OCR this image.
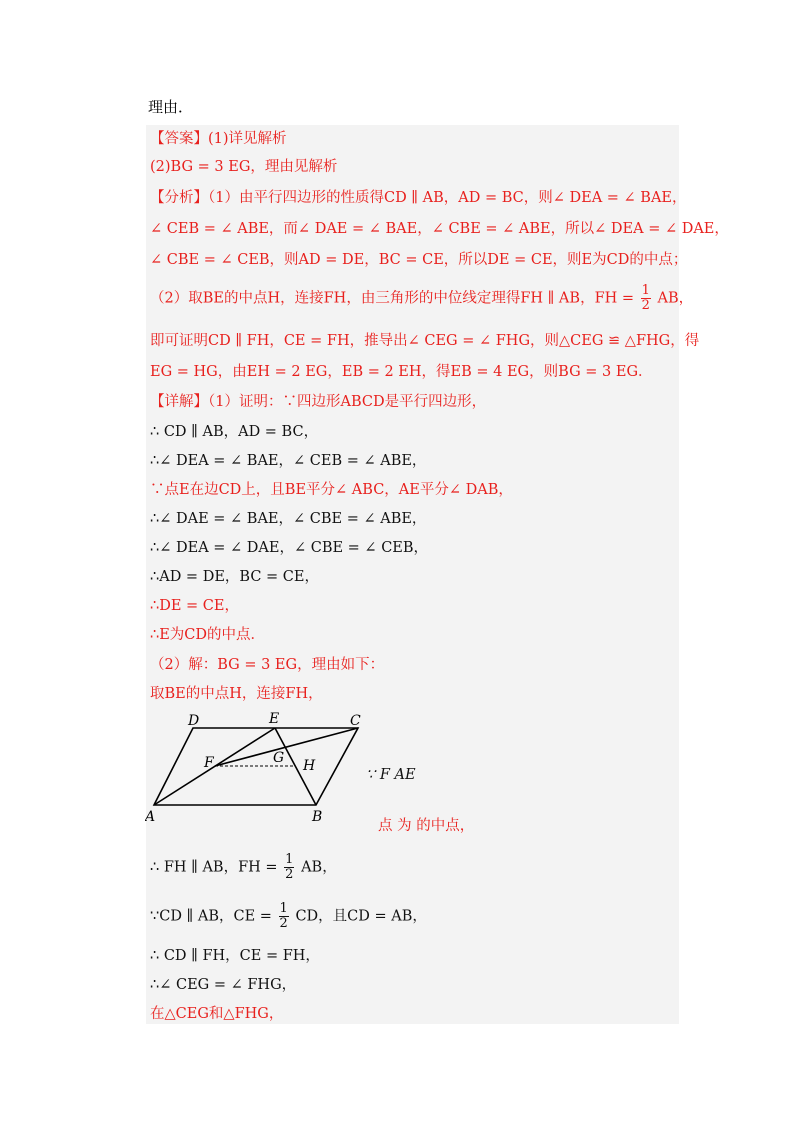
理由．
【答案】(1)详见解析
(2)BG = 3 EG，理由见解析
【分析】（1）由平行四边形的性质得CD ∥ AB，AD = BC，则∠ DEA = ∠ BAE，
∠ CEB = ∠ ABE，而∠ DAE = ∠ BAE，∠ CBE = ∠ ABE，所以∠ DEA = ∠ DAE，
∠ CBE = ∠ CEB，则AD = DE，BC = CE，所以DE = CE，则E为CD的中点；
（2）取BE的中点H，连接FH，由三角形的中位线定理得FH ∥ AB，FH = $\frac{1}{2}$ AB，
即可证明CD ∥ FH，CE = FH，推导出∠ CEG = ∠ FHG，则△CEG ≌ △FHG，得
EG = HG，由EH = 2 EG，EB = 2 EH，得EB = 4 EG，则BG = 3 EG．
【详解】（1）证明：∵四边形ABCD是平行四边形，
∴ CD ∥ AB，AD = BC，
∴∠ DEA = ∠ BAE，∠ CEB = ∠ ABE，
∵点E在边CD上，且BE平分∠ ABC，AE平分∠ DAB，
∴∠ DAE = ∠ BAE，∠ CBE = ∠ ABE，
∴∠ DEA = ∠ DAE，∠ CBE = ∠ CEB，
∴AD = DE，BC = CE，
∴DE = CE，
∴E为CD的中点．
（2）解：BG = 3 EG，理由如下：
取BE的中点H，连接FH，
A	B
C
D	E
F	G H
∵ F AE
点 为 的中点，
∴ FH ∥ AB，FH = $\frac{1}{2}$ AB，
∵CD ∥ AB，CE = $\frac{1}{2}$ CD，且CD = AB，
∴ CD ∥ FH，CE = FH，
∴∠ CEG = ∠ FHG，
在△CEG和△FHG，
